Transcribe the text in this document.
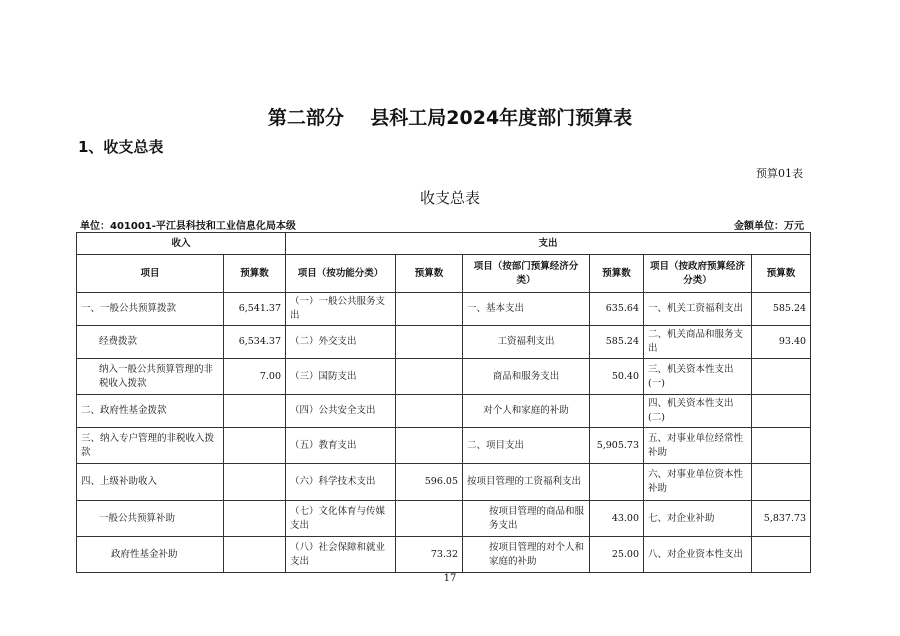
第二部分    县科工局2024年度部门预算表
1、收支总表
预算01表
收支总表
单位：401001-平江县科技和工业信息化局本级	金额单位：万元
收入		支出					
项目	预算数	项目（按功能分类）	预算数	项目（按部门预算经济分类）	预算数	项目（按政府预算经济分类）	预算数
一、一般公共预算拨款	6,541.37	（一）一般公共服务支出		一、基本支出	635.64	一、机关工资福利支出	585.24
经费拨款	6,534.37	（二）外交支出		工资福利支出	585.24	二、机关商品和服务支出	93.40
纳入一般公共预算管理的非税收入拨款	7.00	（三）国防支出		商品和服务支出	50.40	三、机关资本性支出(一)	
二、政府性基金拨款		（四）公共安全支出		对个人和家庭的补助		四、机关资本性支出(二)	
三、纳入专户管理的非税收入拨款		（五）教育支出		二、项目支出	5,905.73	五、对事业单位经常性补助	
四、上级补助收入		（六）科学技术支出	596.05	按项目管理的工资福利支出		六、对事业单位资本性补助	
一般公共预算补助		（七）文化体育与传媒支出		按项目管理的商品和服务支出	43.00	七、对企业补助	5,837.73
政府性基金补助		（八）社会保障和就业支出	73.32	按项目管理的对个人和家庭的补助	25.00	八、对企业资本性支出	
17
